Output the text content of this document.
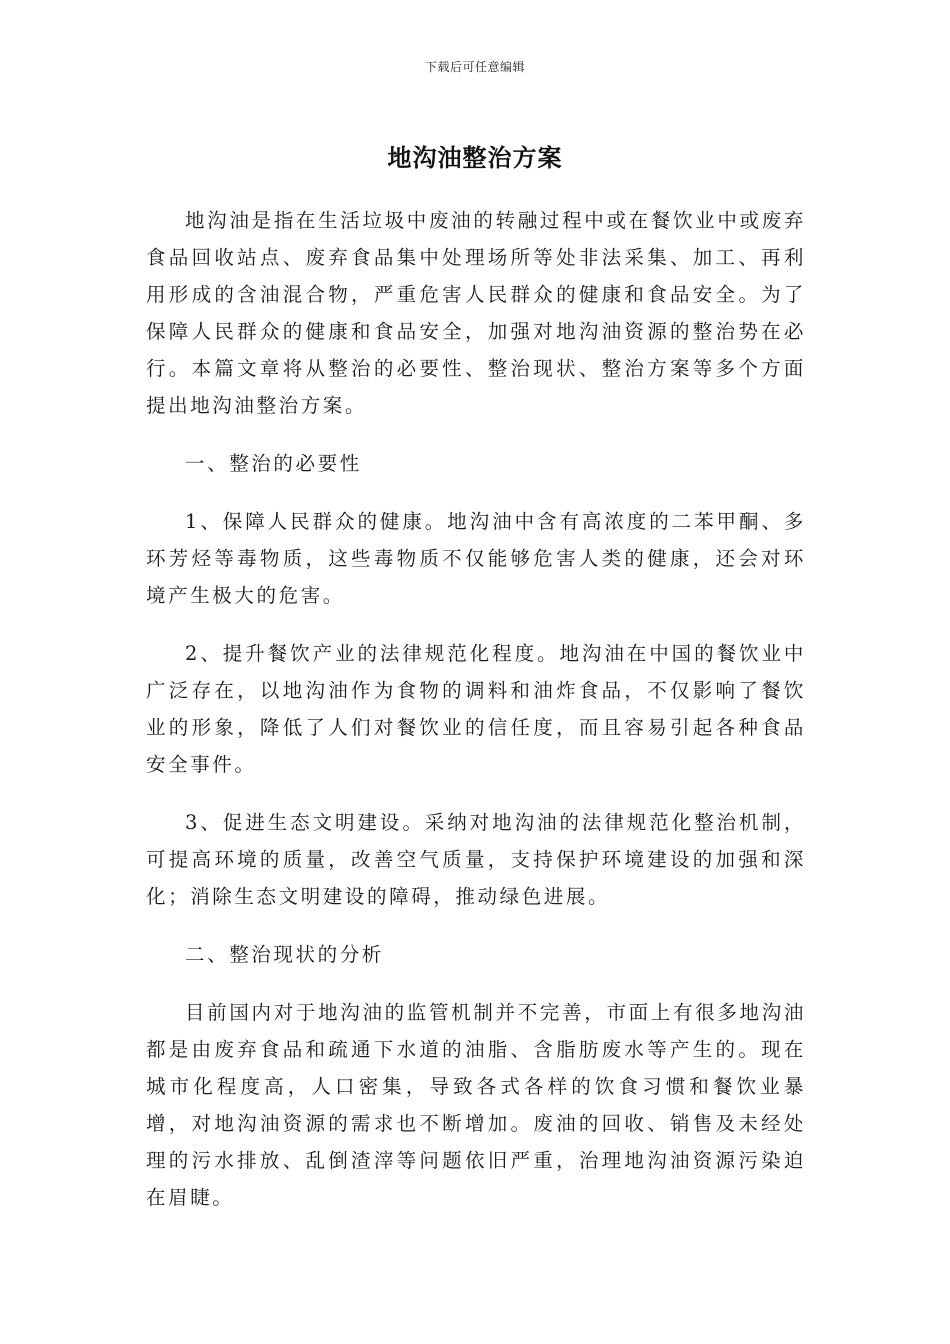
下载后可任意编辑
地沟油整治方案

地沟油是指在生活垃圾中废油的转融过程中或在餐饮业中或废弃食品回收站点、废弃食品集中处理场所等处非法采集、加工、再利用形成的含油混合物，严重危害人民群众的健康和食品安全。为了保障人民群众的健康和食品安全，加强对地沟油资源的整治势在必行。本篇文章将从整治的必要性、整治现状、整治方案等多个方面提出地沟油整治方案。

一、整治的必要性

1、保障人民群众的健康。地沟油中含有高浓度的二苯甲酮、多环芳烃等毒物质，这些毒物质不仅能够危害人类的健康，还会对环境产生极大的危害。

2、提升餐饮产业的法律规范化程度。地沟油在中国的餐饮业中广泛存在，以地沟油作为食物的调料和油炸食品，不仅影响了餐饮业的形象，降低了人们对餐饮业的信任度，而且容易引起各种食品安全事件。

3、促进生态文明建设。采纳对地沟油的法律规范化整治机制，可提高环境的质量，改善空气质量，支持保护环境建设的加强和深化；消除生态文明建设的障碍，推动绿色进展。

二、整治现状的分析

目前国内对于地沟油的监管机制并不完善，市面上有很多地沟油都是由废弃食品和疏通下水道的油脂、含脂肪废水等产生的。现在城市化程度高，人口密集，导致各式各样的饮食习惯和餐饮业暴增，对地沟油资源的需求也不断增加。废油的回收、销售及未经处理的污水排放、乱倒渣滓等问题依旧严重，治理地沟油资源污染迫在眉睫。
